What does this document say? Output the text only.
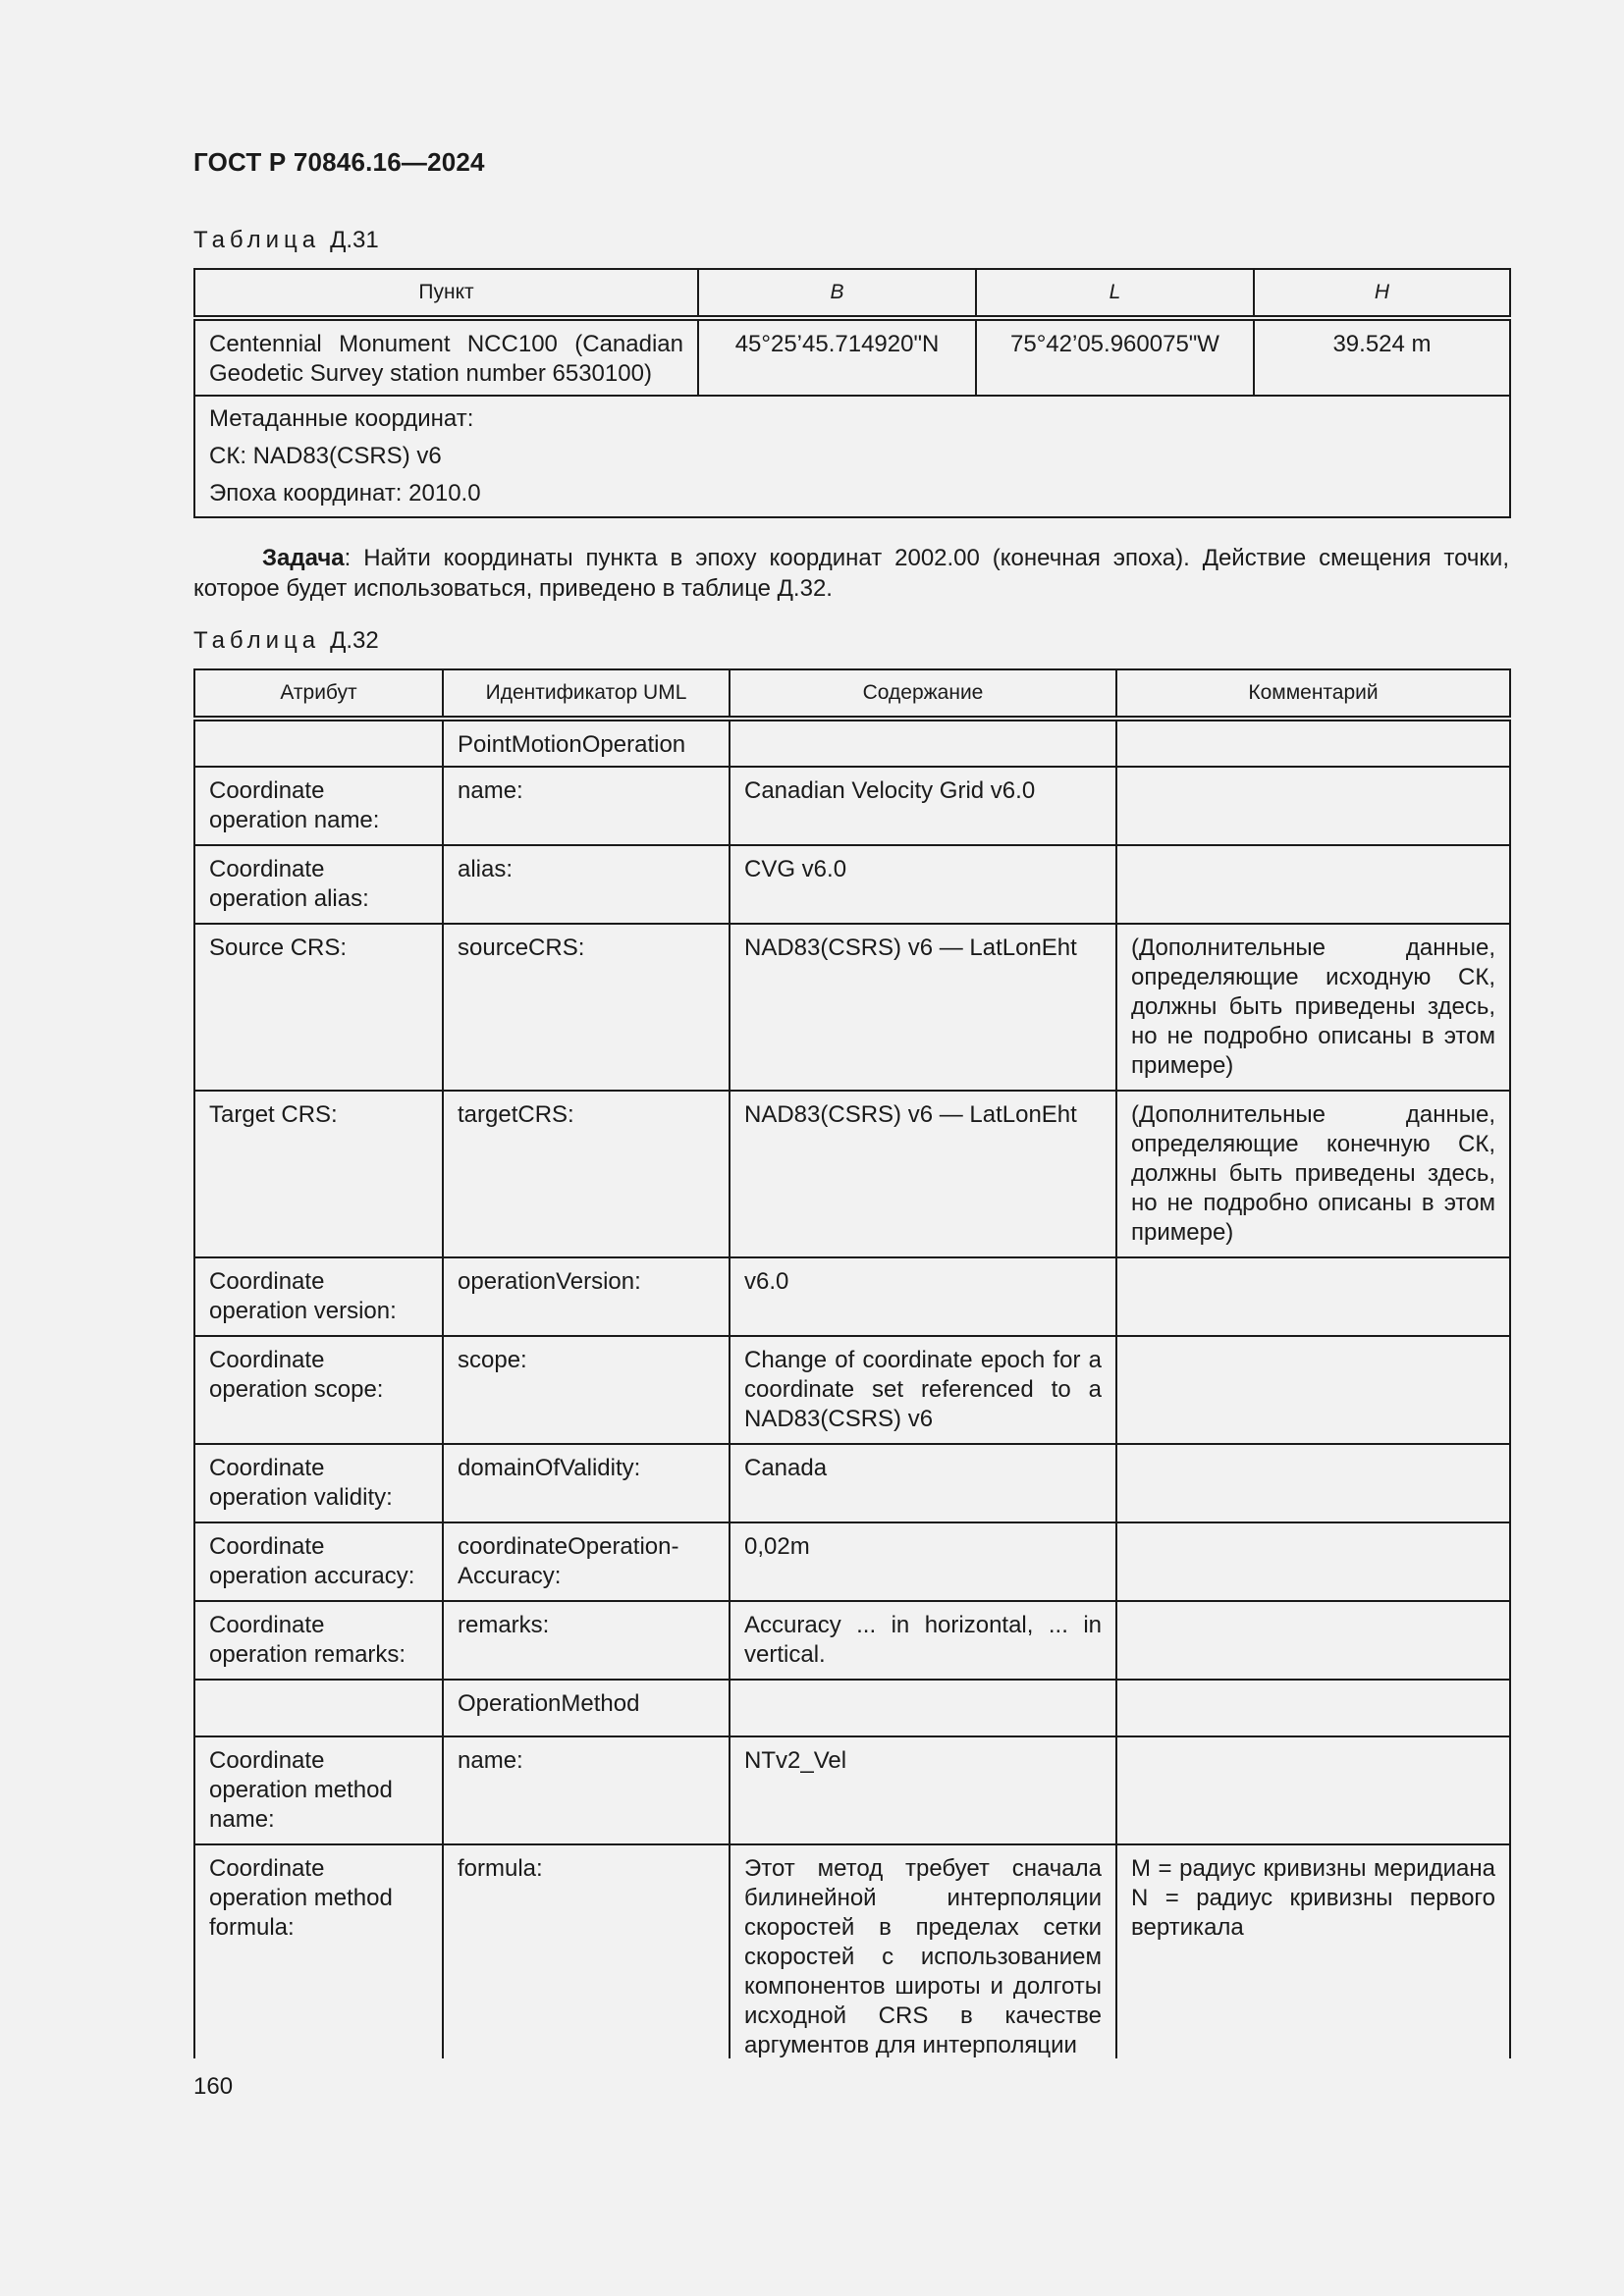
ГОСТ Р 70846.16—2024
Таблица Д.31
Пункт	B	L	H
Centennial Monument NCC100 (Canadian Geodetic Survey station number 6530100)	45°25’45.714920"N	75°42’05.960075"W	39.524 m

Метаданные координат:
СК: NAD83(CSRS) v6
Эпоха координат: 2010.0			
Задача: Найти координаты пункта в эпоху координат 2002.00 (конечная эпоха). Действие смещения точки, которое будет использоваться, приведено в таблице Д.32.
Таблица Д.32
Атрибут	Идентификатор UML	Содержание	Комментарий
	PointMotionOperation		
Coordinate operation name:	name:	Canadian Velocity Grid v6.0	
Coordinate operation alias:	alias:	CVG v6.0	
Source CRS:	sourceCRS:	NAD83(CSRS) v6 — LatLonEht	(Дополнительные данные, определяющие исходную СК, должны быть приведены здесь, но не подробно описаны в этом примере)
Target CRS:	targetCRS:	NAD83(CSRS) v6 — LatLonEht	(Дополнительные данные, определяющие конечную СК, должны быть приведены здесь, но не подробно описаны в этом примере)
Coordinate operation version:	operationVersion:	v6.0	
Coordinate operation scope:	scope:	Change of coordinate epoch for a coordinate set referenced to a NAD83(CSRS) v6	
Coordinate operation validity:	domainOfValidity:	Canada	
Coordinate operation accuracy:	coordinateOperation-Accuracy:	0,02m	
Coordinate operation remarks:	remarks:	Accuracy ... in horizontal, ... in vertical.	
	OperationMethod		
Coordinate operation method name:	name:	NTv2_Vel	
Coordinate operation method formula:	formula:	Этот метод требует сначала билинейной интерполяции скоростей в пределах сетки скоростей с использованием компонентов широты и долготы исходной CRS в качестве аргументов для интерполяции	M = радиус кривизны меридиана N = радиус кривизны первого вертикала
160
